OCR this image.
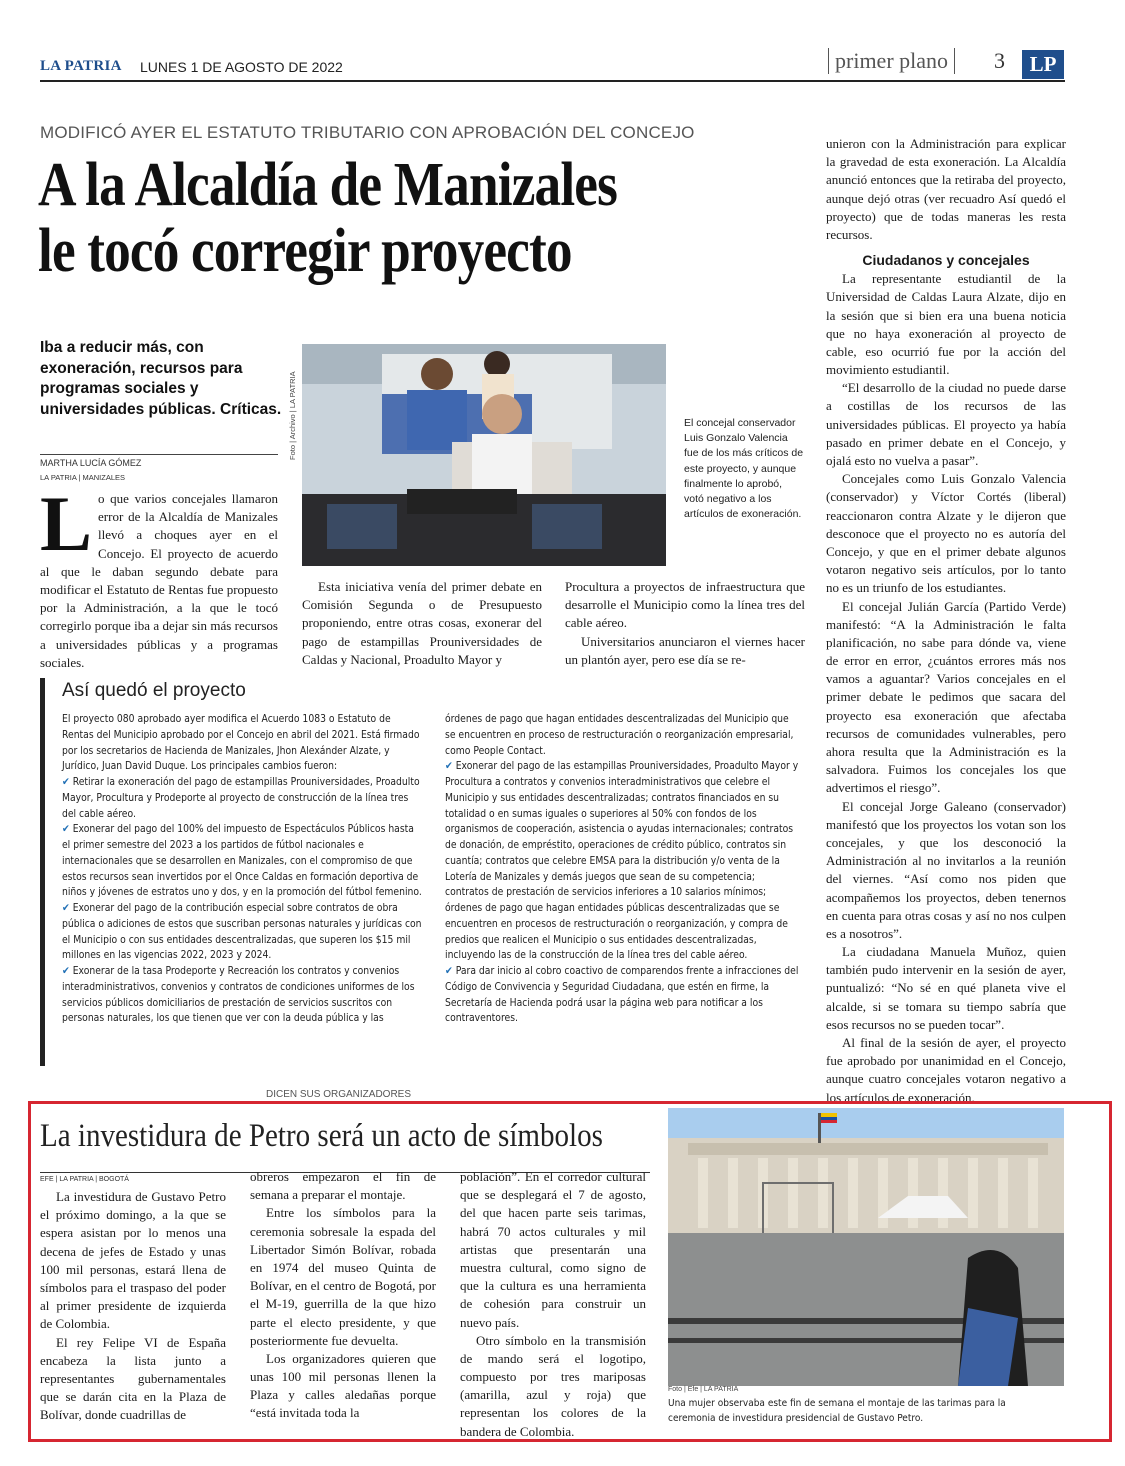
LA PATRIA LUNES 1 DE AGOSTO DE 2022	primer plano	3	LP
MODIFICÓ AYER EL ESTATUTO TRIBUTARIO CON APROBACIÓN DEL CONCEJO
A la Alcaldía de Manizales
le tocó corregir proyecto
Iba a reducir más, con exoneración, recursos para programas sociales y universidades públicas. Críticas.
MARTHA LUCÍA GÓMEZ
LA PATRIA | MANIZALES
L o que varios concejales llamaron error de la Alcaldía de Manizales llevó a choques ayer en el Concejo. El proyecto de acuerdo al que le daban segundo debate para modificar el Estatuto de Rentas fue propuesto por la Administración, a la que le tocó corregirlo porque iba a dejar sin más recursos a universidades públicas y a programas sociales.

Foto | Archivo | LA PATRIA	El concejal conservador Luis Gonzalo Valencia fue de los más críticos de este proyecto, y aunque finalmente lo aprobó, votó negativo a los artículos de exoneración.

Esta iniciativa venía del primer debate en Comisión Segunda o de Presupuesto proponiendo, entre otras cosas, exonerar del pago de estampillas Prouniversidades de Caldas y Nacional, Proadulto Mayor y

Procultura a proyectos de infraestructura que desarrolle el Municipio como la línea tres del cable aéreo.

Universitarios anunciaron el viernes hacer un plantón ayer, pero ese día se re-

unieron con la Administración para explicar la gravedad de esta exoneración. La Alcaldía anunció entonces que la retiraba del proyecto, aunque dejó otras (ver recuadro Así quedó el proyecto) que de todas maneras les resta recursos.

Ciudadanos y concejales

La representante estudiantil de la Universidad de Caldas Laura Alzate, dijo en la sesión que si bien era una buena noticia que no haya exoneración al proyecto de cable, eso ocurrió fue por la acción del movimiento estudiantil.

“El desarrollo de la ciudad no puede darse a costillas de los recursos de las universidades públicas. El proyecto ya había pasado en primer debate en el Concejo, y ojalá esto no vuelva a pasar”.

Concejales como Luis Gonzalo Valencia (conservador) y Víctor Cortés (liberal) reaccionaron contra Alzate y le dijeron que desconoce que el proyecto no es autoría del Concejo, y que en el primer debate algunos votaron negativo seis artículos, por lo tanto no es un triunfo de los estudiantes.

El concejal Julián García (Partido Verde) manifestó: “A la Administración le falta planificación, no sabe para dónde va, viene de error en error, ¿cuántos errores más nos vamos a aguantar? Varios concejales en el primer debate le pedimos que sacara del proyecto esa exoneración que afectaba recursos de comunidades vulnerables, pero ahora resulta que la Administración es la salvadora. Fuimos los concejales los que advertimos el riesgo”.

El concejal Jorge Galeano (conservador) manifestó que los proyectos los votan son los concejales, y que los desconoció la Administración al no invitarlos a la reunión del viernes. “Así como nos piden que acompañemos los proyectos, deben tenernos en cuenta para otras cosas y así no nos culpen es a nosotros”.

La ciudadana Manuela Muñoz, quien también pudo intervenir en la sesión de ayer, puntualizó: “No sé en qué planeta vive el alcalde, si se tomara su tiempo sabría que esos recursos no se pueden tocar”.

Al final de la sesión de ayer, el proyecto fue aprobado por unanimidad en el Concejo, aunque cuatro concejales votaron negativo a los artículos de exoneración.

Así quedó el proyecto

El proyecto 080 aprobado ayer modifica el Acuerdo 1083 o Estatuto de Rentas del Municipio aprobado por el Concejo en abril del 2021. Está firmado por los secretarios de Hacienda de Manizales, Jhon Alexánder Alzate, y Jurídico, Juan David Duque. Los principales cambios fueron:

✔ Retirar la exoneración del pago de estampillas Prouniversidades, Proadulto Mayor, Procultura y Prodeporte al proyecto de construcción de la línea tres del cable aéreo.

✔ Exonerar del pago del 100% del impuesto de Espectáculos Públicos hasta el primer semestre del 2023 a los partidos de fútbol nacionales e internacionales que se desarrollen en Manizales, con el compromiso de que estos recursos sean invertidos por el Once Caldas en formación deportiva de niños y jóvenes de estratos uno y dos, y en la promoción del fútbol femenino.

✔ Exonerar del pago de la contribución especial sobre contratos de obra pública o adiciones de estos que suscriban personas naturales y jurídicas con el Municipio o con sus entidades descentralizadas, que superen los $15 mil millones en las vigencias 2022, 2023 y 2024.

✔ Exonerar de la tasa Prodeporte y Recreación los contratos y convenios interadministrativos, convenios y contratos de condiciones uniformes de los servicios públicos domiciliarios de prestación de servicios suscritos con personas naturales, los que tienen que ver con la deuda pública y las

órdenes de pago que hagan entidades descentralizadas del Municipio que se encuentren en proceso de restructuración o reorganización empresarial, como People Contact.

✔ Exonerar del pago de las estampillas Prouniversidades, Proadulto Mayor y Procultura a contratos y convenios interadministrativos que celebre el Municipio y sus entidades descentralizadas; contratos financiados en su totalidad o en sumas iguales o superiores al 50% con fondos de los organismos de cooperación, asistencia o ayudas internacionales; contratos de donación, de empréstito, operaciones de crédito público, contratos sin cuantía; contratos que celebre EMSA para la distribución y/o venta de la Lotería de Manizales y demás juegos que sean de su competencia; contratos de prestación de servicios inferiores a 10 salarios mínimos; órdenes de pago que hagan entidades públicas descentralizadas que se encuentren en procesos de restructuración o reorganización, y compra de predios que realicen el Municipio o sus entidades descentralizadas, incluyendo las de la construcción de la línea tres del cable aéreo.

✔ Para dar inicio al cobro coactivo de comparendos frente a infracciones del Código de Convivencia y Seguridad Ciudadana, que estén en firme, la Secretaría de Hacienda podrá usar la página web para notificar a los contraventores.

DICEN SUS ORGANIZADORES
La investidura de Petro será un acto de símbolos
EFE | LA PATRIA | BOGOTÁ

La investidura de Gustavo Petro el próximo domingo, a la que se espera asistan por lo menos una decena de jefes de Estado y unas 100 mil personas, estará llena de símbolos para el traspaso del poder al primer presidente de izquierda de Colombia.

El rey Felipe VI de España encabeza la lista junto a representantes gubernamentales que se darán cita en la Plaza de Bolívar, donde cuadrillas de

obreros empezaron el fin de semana a preparar el montaje.

Entre los símbolos para la ceremonia sobresale la espada del Libertador Simón Bolívar, robada en 1974 del museo Quinta de Bolívar, en el centro de Bogotá, por el M-19, guerrilla de la que hizo parte el electo presidente, y que posteriormente fue devuelta.

Los organizadores quieren que unas 100 mil personas llenen la Plaza y calles aledañas porque “está invitada toda la

población”. En el corredor cultural que se desplegará el 7 de agosto, del que hacen parte seis tarimas, habrá 70 actos culturales y mil artistas que presentarán una muestra cultural, como signo de que la cultura es una herramienta de cohesión para construir un nuevo país.

Otro símbolo en la transmisión de mando será el logotipo, compuesto por tres mariposas (amarilla, azul y roja) que representan los colores de la bandera de Colombia.

Foto | Efe | LA PATRIA
Una mujer observaba este fin de semana el montaje de las tarimas para la ceremonia de investidura presidencial de Gustavo Petro.
